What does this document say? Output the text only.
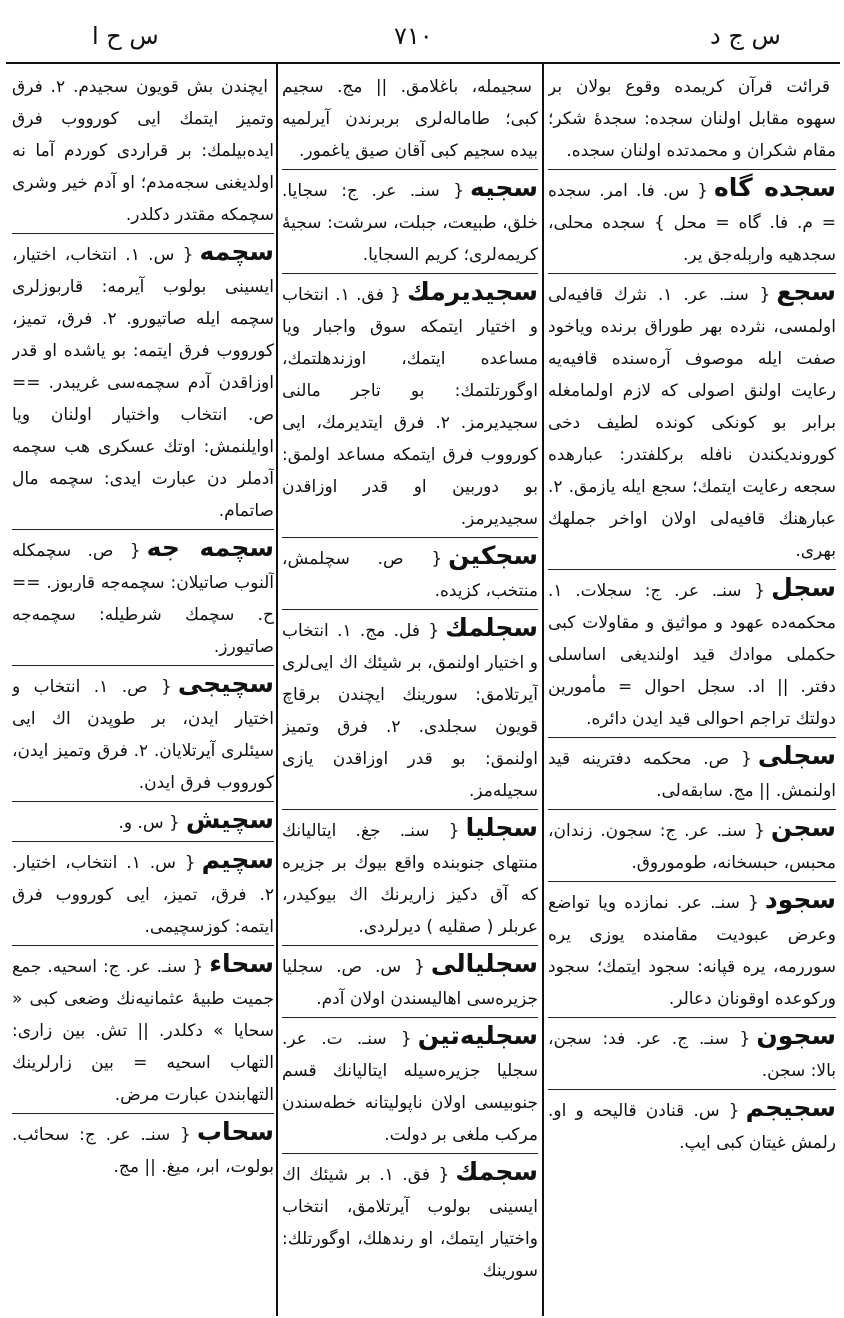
س ح ا	٧١٠	س ج د

قرائت قرآن كريمده وقوع بولان بر سهوه مقابل اولنان سجده: سجدهٔ شكر؛ مقام شكران و محمدتده اولنان سجده.

سجده گاه{ س. فا. امر. سجده = م. فا. گاه = محل } سجده محلی، سجدهیه وارېله‌جق یر.

سجع{ سنـ. عر. ١. نثرك قافیه‌لی اولمسی، نثرده بهر طوراق برنده ویاخود صفت ایله موصوف آره‌سنده قافیه‌یه رعایت اولنق اصولی که لازم اولمامغله برابر بو كونكی كونده لطیف دخی كوروندیكندن نافله بركلفتدر: عبارهده سجعه رعایت ایتمك؛ سجع ایله یازمق. ٢. عبارهنك قافیه‌لی اولان اواخر جملهك بهری.

سجل{ سنـ. عر. ج: سجلات. ١. محكمه‌ده عهود و مواثیق و مقاولات كبی حكملی موادك قید اولندیغی اساسلی دفتر. || اد. سجل احوال = مأمورین دولتك تراجم احوالی قید ایدن دائره.

سجلی{ ص. محكمه دفترینه قید اولنمش. || مج. سابقه‌لی.

سجن{ سنـ. عر. ج: سجون. زندان، محبس، حبسخانه، طوموروق.

سجود{ سنـ. عر. نمازده ویا تواضع وعرض عبودیت مقامنده یوزی یره سوررمه، یره قپانه: سجود ایتمك؛ سجود وركوعده اوقونان دعالر.

سجون{ سنـ. ج. عر. فد: سجن، بالا: سجن.

سجیجم{ س. قنادن قالیحه و او. رلمش غیتان كبی ایپ.

سجیمله، باغلامق. || مج. سجیم كبی؛ طاماله‌لری بربرندن آیرلمیه‌ بیده سجیم كبی آقان صیق یاغمور.

سجیه{ سنـ. عر. ج: سجایا. خلق، طبیعت، جبلت، سرشت: سجیهٔ كریمه‌لری؛ كریم السجایا.

سجیدیرمك{ فق. ١. انتخاب و اختیار ایتمكه سوق واجبار ویا مساعده ایتمك، اوزندهلتمك، اوگورتلتمك: بو تاجر مالنی سجیدیرمز. ٢. فرق ایتدیرمك، ایی كورووب فرق ایتمكه مساعد اولمق: بو دوربین او قدر اوزاقدن سجیدیرمز.

سجكین{ ص. سچلمش، منتخب، كزیده.

سجلمك{ فل. مج. ١. انتخاب و اختیار اولنمق، بر شیئك اك ایی‌لری آیرتلامق: سورینك ایچندن برقاچ قویون سجلدی. ٢. فرق وتمیز اولنمق: بو قدر اوزاقدن یازی سجیله‌مز.

سجلیا{ سنـ. جغ. ایتالیانك منتهای جنوبنده واقع بیوك بر جزیره كه آق دكیز زاریرنك اك بیوكیدر، عربلر ( صقلیه ) دیرلردی.

سجلیالی{ س. ص. سجلیا جزیره‌سی اهالیسندن اولان آدم.

سجلیه‌تین{ سنـ. ت. عر. سجلیا جزیره‌سیله ایتالیانك قسم جنوبیسی اولان ناپولیتانه خطه‌سندن مركب ملغی بر دولت.

سجمك{ فق. ١. بر شیئك اك ایسینی بولوب آیرتلامق، انتخاب واختیار ایتمك، او رندهلك، اوگورتلك: سورینك

ایچندن بش قویون سجیدم. ٢. فرق وتمیز ایتمك ایی كورووب فرق ایده‌بیلمك: بر قراردی كوردم آما نه اولدیغنی سجه‌مدم؛ او آدم خیر وشری سچمكه مقتدر دكلدر.

سچمه{ س. ١. انتخاب، اختیار، ایسینی بولوب آیرمه: قاربوزلری سچمه ایله صاتیورو. ٢. فرق، تمیز، كورووب فرق ایتمه: بو یاشده او قدر اوزاقدن آدم سچمه‌سی غریبدر. == ص. انتخاب واختیار اولنان ویا اوایلنمش: اوتك عسكری هب سچمه آدملر دن عبارت ایدی: سچمه مال صاتمام.

سچمه جه{ ص. سچمكله آلنوب صاتیلان: سچمه‌جه قاربوز. == ح. سچمك شرطیله: سچمه‌جه صاتیورز.

سچیجی{ ص. ١. انتخاب و اختیار ایدن، بر طوپدن اك ایی سیئلری آیرتلایان. ٢. فرق وتمیز ایدن، كورووب فرق ایدن.

سچیش{ س. و.

سچیم{ س. ١. انتخاب، اختیار. ٢. فرق، تمیز، ایی كورووب فرق ایتمه: كوزسچیمی.

سحاء{ سنـ. عر. ج: اسحیه. جمع جمیت طبیهٔ عثمانیه‌نك وضعی كبی « سحایا » دكلدر. || تش. بین زاری: التهاب اسحیه = بین زارلرینك التهابندن عبارت مرض.

سحاب{ سنـ. عر. ج: سحائب. بولوت، ابر، میغ. || مج.
